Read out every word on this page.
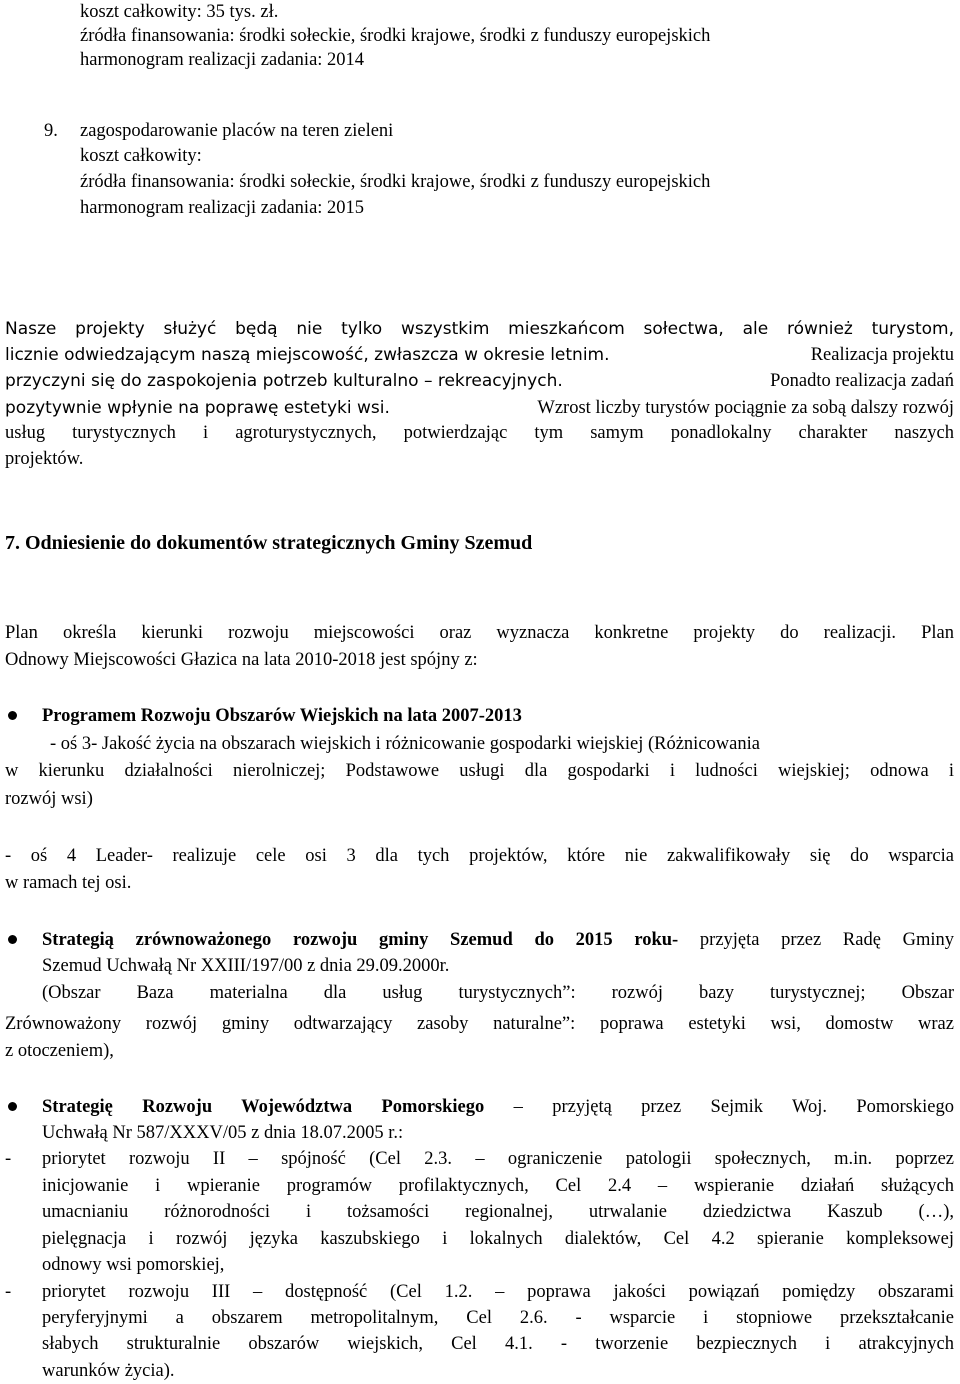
koszt całkowity: 35 tys. zł.
źródła finansowania: środki sołeckie, środki krajowe, środki z funduszy europejskich
harmonogram realizacji zadania: 2014
9. zagospodarowanie placów na teren zieleni
koszt całkowity:
źródła finansowania: środki sołeckie, środki krajowe, środki z funduszy europejskich
harmonogram realizacji zadania: 2015
Nasze projekty służyć będą nie tylko wszystkim mieszkańcom sołectwa, ale również turystom,
licznie odwiedzającym naszą miejscowość, zwłaszcza w okresie letnim.	Realizacja projektu
przyczyni się do zaspokojenia potrzeb kulturalno – rekreacyjnych.	Ponadto realizacja zadań
pozytywnie wpłynie na poprawę estetyki wsi.	Wzrost liczby turystów pociągnie za sobą dalszy rozwój
usług turystycznych i agroturystycznych, potwierdzając tym samym ponadlokalny charakter naszych
projektów.
7. Odniesienie do dokumentów strategicznych Gminy Szemud
Plan określa kierunki rozwoju miejscowości oraz wyznacza konkretne projekty do realizacji. Plan
Odnowy Miejscowości Głazica na lata 2010-2018 jest spójny z:
Programem Rozwoju Obszarów Wiejskich na lata 2007-2013
- oś 3- Jakość życia na obszarach wiejskich i różnicowanie gospodarki wiejskiej (Różnicowania
w kierunku działalności nierolniczej; Podstawowe usługi dla gospodarki i ludności wiejskiej; odnowa i
rozwój wsi)
- oś 4 Leader- realizuje cele osi 3 dla tych projektów, które nie zakwalifikowały się do wsparcia
w ramach tej osi.
Strategią zrównoważonego rozwoju gminy Szemud do 2015 roku- przyjęta przez Radę Gminy
Szemud Uchwałą Nr XXIII/197/00 z dnia 29.09.2000r.
(Obszar Baza materialna dla usług turystycznych”: rozwój bazy turystycznej; Obszar
Zrównoważony rozwój gminy odtwarzający zasoby naturalne”: poprawa estetyki wsi, domostw wraz
z otoczeniem),
Strategię Rozwoju Województwa Pomorskiego – przyjętą przez Sejmik Woj. Pomorskiego
Uchwałą Nr 587/XXXV/05 z dnia 18.07.2005 r.:
- priorytet rozwoju II – spójność (Cel 2.3. – ograniczenie patologii społecznych, m.in. poprzez
inicjowanie i wpieranie programów profilaktycznych, Cel 2.4 – wspieranie działań służących
umacnianiu różnorodności i tożsamości regionalnej, utrwalanie dziedzictwa Kaszub (…),
pielęgnacja i rozwój języka kaszubskiego i lokalnych dialektów, Cel 4.2 spieranie kompleksowej
odnowy wsi pomorskiej,
- priorytet rozwoju III – dostępność (Cel 1.2. – poprawa jakości powiązań pomiędzy obszarami
peryferyjnymi a obszarem metropolitalnym, Cel 2.6. - wsparcie i stopniowe przekształcanie
słabych strukturalnie obszarów wiejskich, Cel 4.1. - tworzenie bezpiecznych i atrakcyjnych
warunków życia).
